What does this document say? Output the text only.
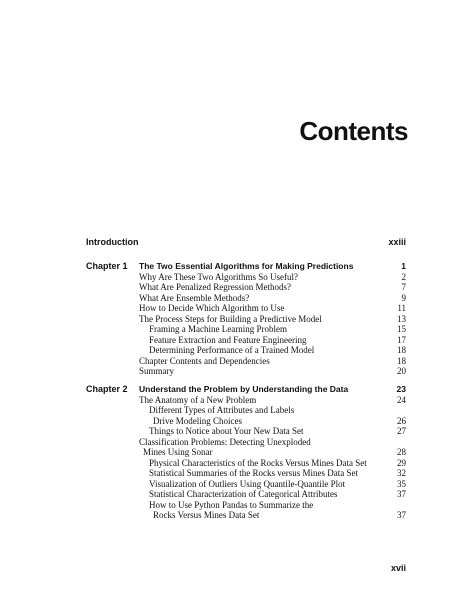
Contents
Introduction	xxiii
Chapter 1 The Two Essential Algorithms for Making Predictions	1
Why Are These Two Algorithms So Useful?	2
What Are Penalized Regression Methods?	7
What Are Ensemble Methods?	9
How to Decide Which Algorithm to Use	11
The Process Steps for Building a Predictive Model	13
Framing a Machine Learning Problem	15
Feature Extraction and Feature Engineering	17
Determining Performance of a Trained Model	18
Chapter Contents and Dependencies	18
Summary	20
Chapter 2 Understand the Problem by Understanding the Data	23
The Anatomy of a New Problem	24
Different Types of Attributes and Labels
Drive Modeling Choices	26
Things to Notice about Your New Data Set	27
Classification Problems: Detecting Unexploded
Mines Using Sonar	28
Physical Characteristics of the Rocks Versus Mines Data Set	29
Statistical Summaries of the Rocks versus Mines Data Set	32
Visualization of Outliers Using Quantile-Quantile Plot	35
Statistical Characterization of Categorical Attributes	37
How to Use Python Pandas to Summarize the
Rocks Versus Mines Data Set	37
xvii
